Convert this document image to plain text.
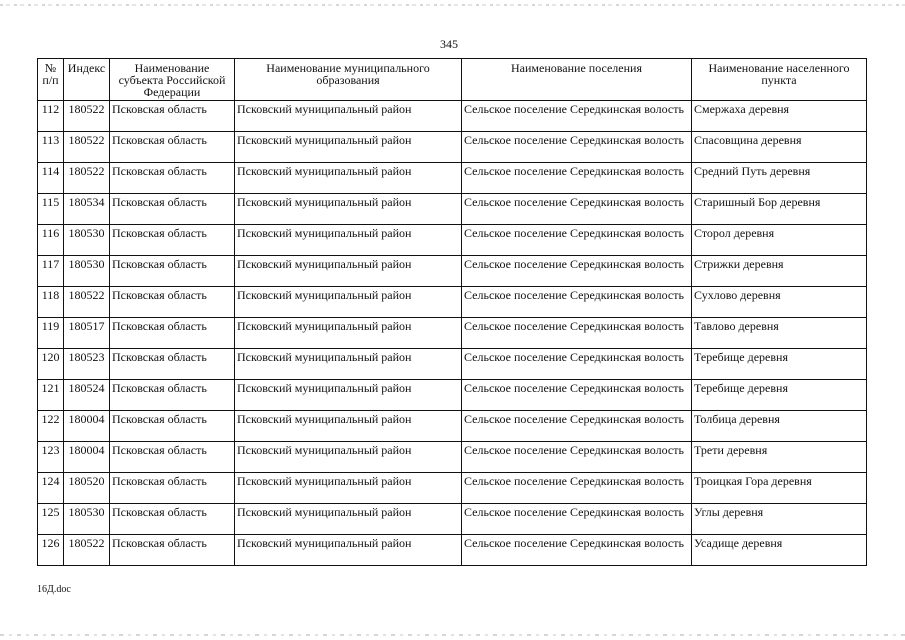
345
№ п/п	Индекс	Наименование субъекта Российской Федерации	Наименование муниципального образования	Наименование поселения	Наименование населенного пункта
112	180522	Псковская область	Псковский муниципальный район	Сельское поселение Середкинская волость	Смержаха деревня
113	180522	Псковская область	Псковский муниципальный район	Сельское поселение Середкинская волость	Спасовщина деревня
114	180522	Псковская область	Псковский муниципальный район	Сельское поселение Середкинская волость	Средний Путь деревня
115	180534	Псковская область	Псковский муниципальный район	Сельское поселение Середкинская волость	Старишный Бор деревня
116	180530	Псковская область	Псковский муниципальный район	Сельское поселение Середкинская волость	Сторол деревня
117	180530	Псковская область	Псковский муниципальный район	Сельское поселение Середкинская волость	Стрижки деревня
118	180522	Псковская область	Псковский муниципальный район	Сельское поселение Середкинская волость	Сухлово деревня
119	180517	Псковская область	Псковский муниципальный район	Сельское поселение Середкинская волость	Тавлово деревня
120	180523	Псковская область	Псковский муниципальный район	Сельское поселение Середкинская волость	Теребище деревня
121	180524	Псковская область	Псковский муниципальный район	Сельское поселение Середкинская волость	Теребище деревня
122	180004	Псковская область	Псковский муниципальный район	Сельское поселение Середкинская волость	Толбица деревня
123	180004	Псковская область	Псковский муниципальный район	Сельское поселение Середкинская волость	Трети деревня
124	180520	Псковская область	Псковский муниципальный район	Сельское поселение Середкинская волость	Троицкая Гора деревня
125	180530	Псковская область	Псковский муниципальный район	Сельское поселение Середкинская волость	Углы деревня
126	180522	Псковская область	Псковский муниципальный район	Сельское поселение Середкинская волость	Усадище деревня
16Д.doc
